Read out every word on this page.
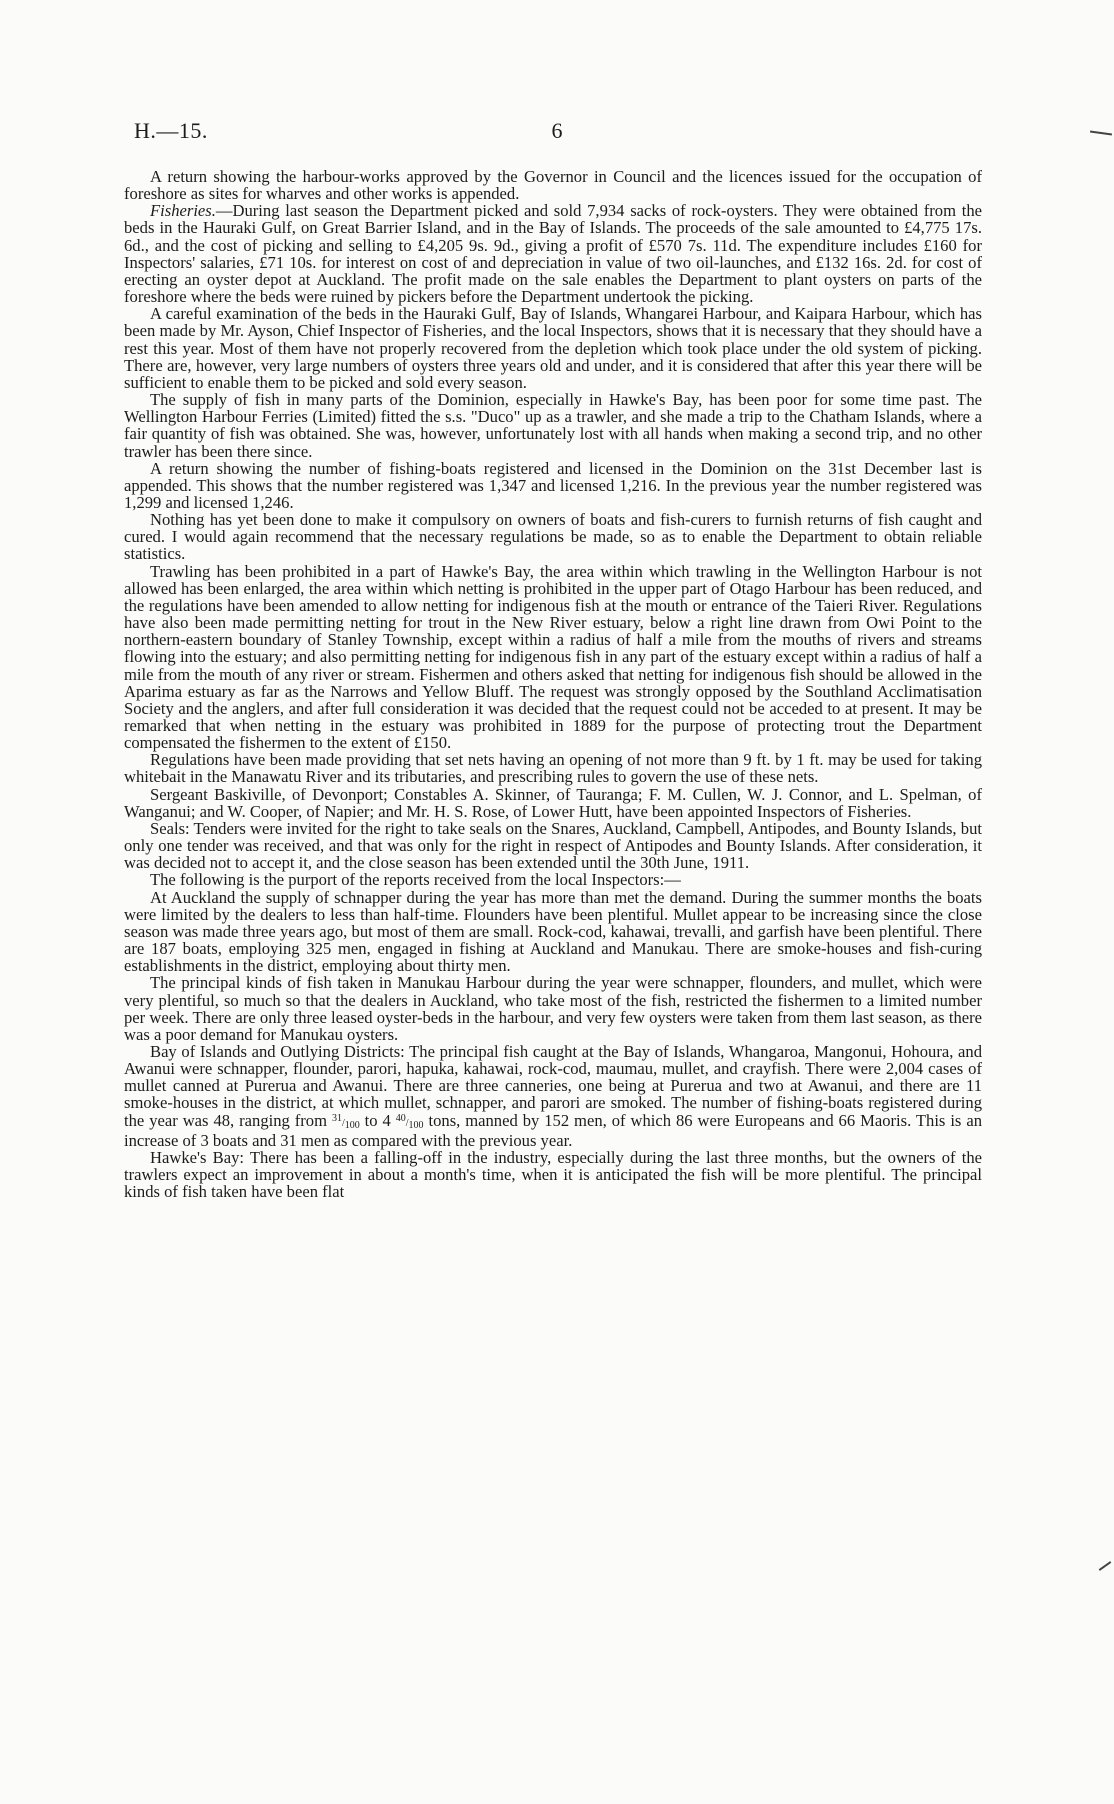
H.—15.	6

A return showing the harbour-works approved by the Governor in Council and the licences issued for the occupation of foreshore as sites for wharves and other works is appended.

Fisheries.—During last season the Department picked and sold 7,934 sacks of rock-oysters. They were obtained from the beds in the Hauraki Gulf, on Great Barrier Island, and in the Bay of Islands. The proceeds of the sale amounted to £4,775 17s. 6d., and the cost of picking and selling to £4,205 9s. 9d., giving a profit of £570 7s. 11d. The expenditure includes £160 for Inspectors' salaries, £71 10s. for interest on cost of and depreciation in value of two oil-launches, and £132 16s. 2d. for cost of erecting an oyster depot at Auckland. The profit made on the sale enables the Department to plant oysters on parts of the foreshore where the beds were ruined by pickers before the Department undertook the picking.

A careful examination of the beds in the Hauraki Gulf, Bay of Islands, Whangarei Harbour, and Kaipara Harbour, which has been made by Mr. Ayson, Chief Inspector of Fisheries, and the local Inspectors, shows that it is necessary that they should have a rest this year. Most of them have not properly recovered from the depletion which took place under the old system of picking. There are, however, very large numbers of oysters three years old and under, and it is considered that after this year there will be sufficient to enable them to be picked and sold every season.

The supply of fish in many parts of the Dominion, especially in Hawke's Bay, has been poor for some time past. The Wellington Harbour Ferries (Limited) fitted the s.s. "Duco" up as a trawler, and she made a trip to the Chatham Islands, where a fair quantity of fish was obtained. She was, however, unfortunately lost with all hands when making a second trip, and no other trawler has been there since.

A return showing the number of fishing-boats registered and licensed in the Dominion on the 31st December last is appended. This shows that the number registered was 1,347 and licensed 1,216. In the previous year the number registered was 1,299 and licensed 1,246.

Nothing has yet been done to make it compulsory on owners of boats and fish-curers to furnish returns of fish caught and cured. I would again recommend that the necessary regulations be made, so as to enable the Department to obtain reliable statistics.

Trawling has been prohibited in a part of Hawke's Bay, the area within which trawling in the Wellington Harbour is not allowed has been enlarged, the area within which netting is prohibited in the upper part of Otago Harbour has been reduced, and the regulations have been amended to allow netting for indigenous fish at the mouth or entrance of the Taieri River. Regulations have also been made permitting netting for trout in the New River estuary, below a right line drawn from Owi Point to the northern-eastern boundary of Stanley Township, except within a radius of half a mile from the mouths of rivers and streams flowing into the estuary; and also permitting netting for indigenous fish in any part of the estuary except within a radius of half a mile from the mouth of any river or stream. Fishermen and others asked that netting for indigenous fish should be allowed in the Aparima estuary as far as the Narrows and Yellow Bluff. The request was strongly opposed by the Southland Acclimatisation Society and the anglers, and after full consideration it was decided that the request could not be acceded to at present. It may be remarked that when netting in the estuary was prohibited in 1889 for the purpose of protecting trout the Department compensated the fishermen to the extent of £150.

Regulations have been made providing that set nets having an opening of not more than 9 ft. by 1 ft. may be used for taking whitebait in the Manawatu River and its tributaries, and prescribing rules to govern the use of these nets.

Sergeant Baskiville, of Devonport; Constables A. Skinner, of Tauranga; F. M. Cullen, W. J. Connor, and L. Spelman, of Wanganui; and W. Cooper, of Napier; and Mr. H. S. Rose, of Lower Hutt, have been appointed Inspectors of Fisheries.

Seals: Tenders were invited for the right to take seals on the Snares, Auckland, Campbell, Antipodes, and Bounty Islands, but only one tender was received, and that was only for the right in respect of Antipodes and Bounty Islands. After consideration, it was decided not to accept it, and the close season has been extended until the 30th June, 1911.

The following is the purport of the reports received from the local Inspectors:—

At Auckland the supply of schnapper during the year has more than met the demand. During the summer months the boats were limited by the dealers to less than half-time. Flounders have been plentiful. Mullet appear to be increasing since the close season was made three years ago, but most of them are small. Rock-cod, kahawai, trevalli, and garfish have been plentiful. There are 187 boats, employing 325 men, engaged in fishing at Auckland and Manukau. There are smoke-houses and fish-curing establishments in the district, employing about thirty men.

The principal kinds of fish taken in Manukau Harbour during the year were schnapper, flounders, and mullet, which were very plentiful, so much so that the dealers in Auckland, who take most of the fish, restricted the fishermen to a limited number per week. There are only three leased oyster-beds in the harbour, and very few oysters were taken from them last season, as there was a poor demand for Manukau oysters.

Bay of Islands and Outlying Districts: The principal fish caught at the Bay of Islands, Whangaroa, Mangonui, Hohoura, and Awanui were schnapper, flounder, parori, hapuka, kahawai, rock-cod, maumau, mullet, and crayfish. There were 2,004 cases of mullet canned at Purerua and Awanui. There are three canneries, one being at Purerua and two at Awanui, and there are 11 smoke-houses in the district, at which mullet, schnapper, and parori are smoked. The number of fishing-boats registered during the year was 48, ranging from 31/100 to 4 40/100 tons, manned by 152 men, of which 86 were Europeans and 66 Maoris. This is an increase of 3 boats and 31 men as compared with the previous year.

Hawke's Bay: There has been a falling-off in the industry, especially during the last three months, but the owners of the trawlers expect an improvement in about a month's time, when it is anticipated the fish will be more plentiful. The principal kinds of fish taken have been flat
